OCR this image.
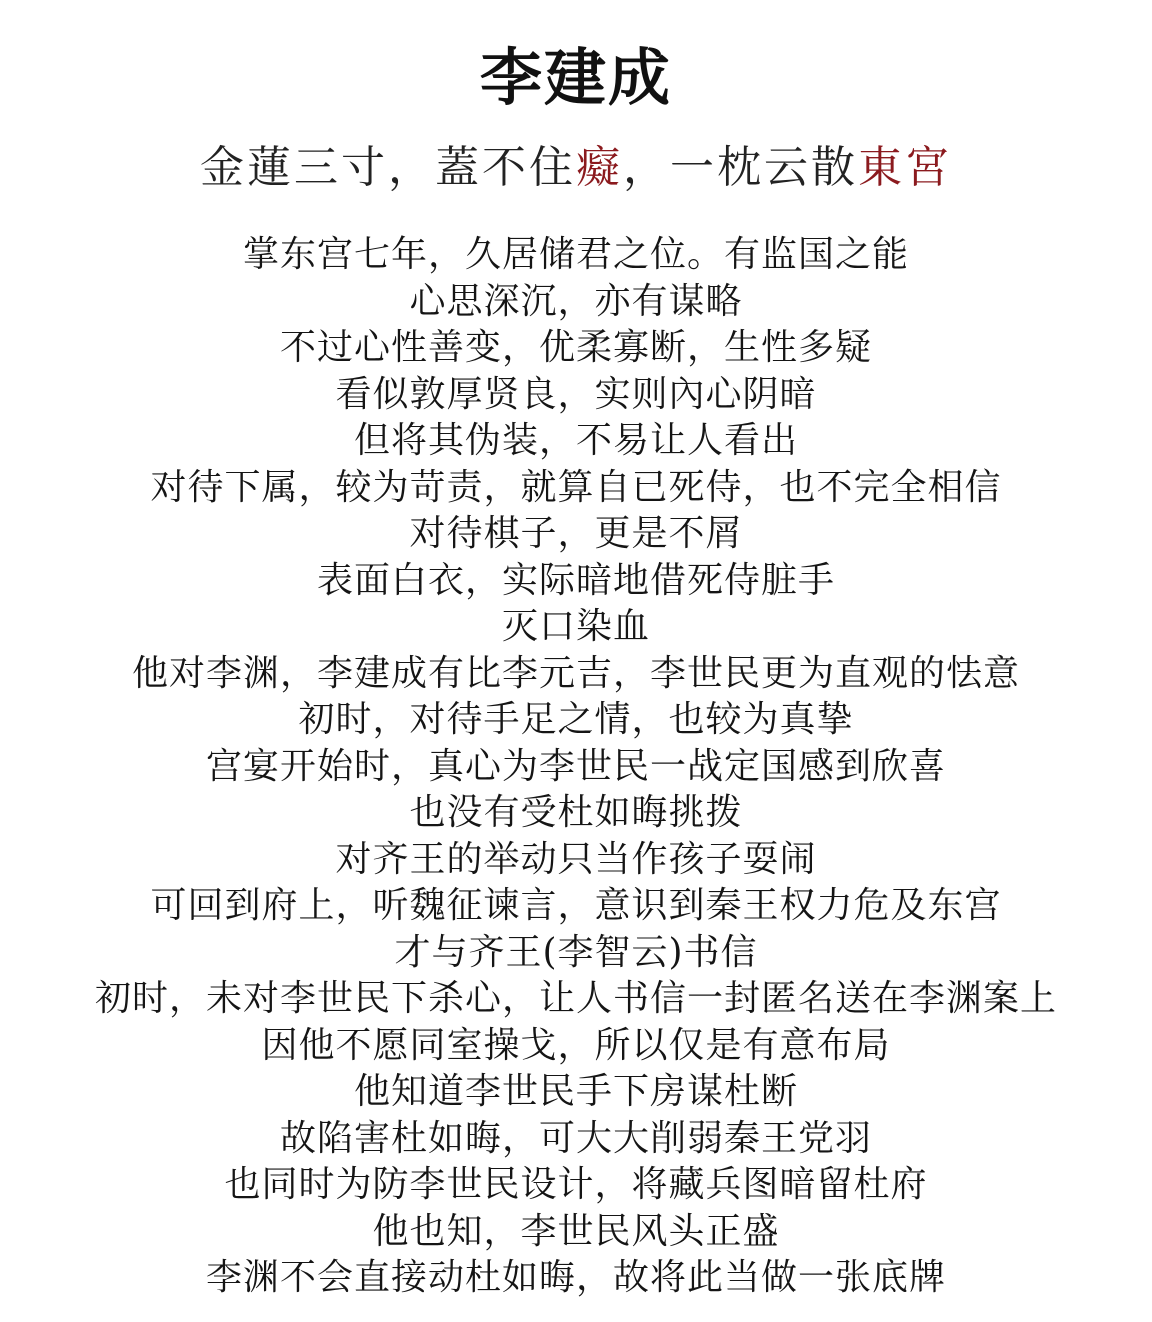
李建成
金蓮三寸，蓋不住癡，一枕云散東宮
掌东宫七年，久居储君之位。有监国之能
心思深沉，亦有谋略
不过心性善变，优柔寡断，生性多疑
看似敦厚贤良，实则內心阴暗
但将其伪装，不易让人看出
对待下属，较为苛责，就算自已死侍，也不完全相信
对待棋子，更是不屑
表面白衣，实际暗地借死侍脏手
灭口染血
他对李渊，李建成有比李元吉，李世民更为直观的怯意
初时，对待手足之情，也较为真挚
宫宴开始时，真心为李世民一战定国感到欣喜
也没有受杜如晦挑拨
对齐王的举动只当作孩子耍闹
可回到府上，听魏征谏言，意识到秦王权力危及东宫
才与齐王(李智云)书信
初时，未对李世民下杀心，让人书信一封匿名送在李渊案上
因他不愿同室操戈，所以仅是有意布局
他知道李世民手下房谋杜断
故陷害杜如晦，可大大削弱秦王党羽
也同时为防李世民设计，将藏兵图暗留杜府
他也知，李世民风头正盛
李渊不会直接动杜如晦，故将此当做一张底牌
